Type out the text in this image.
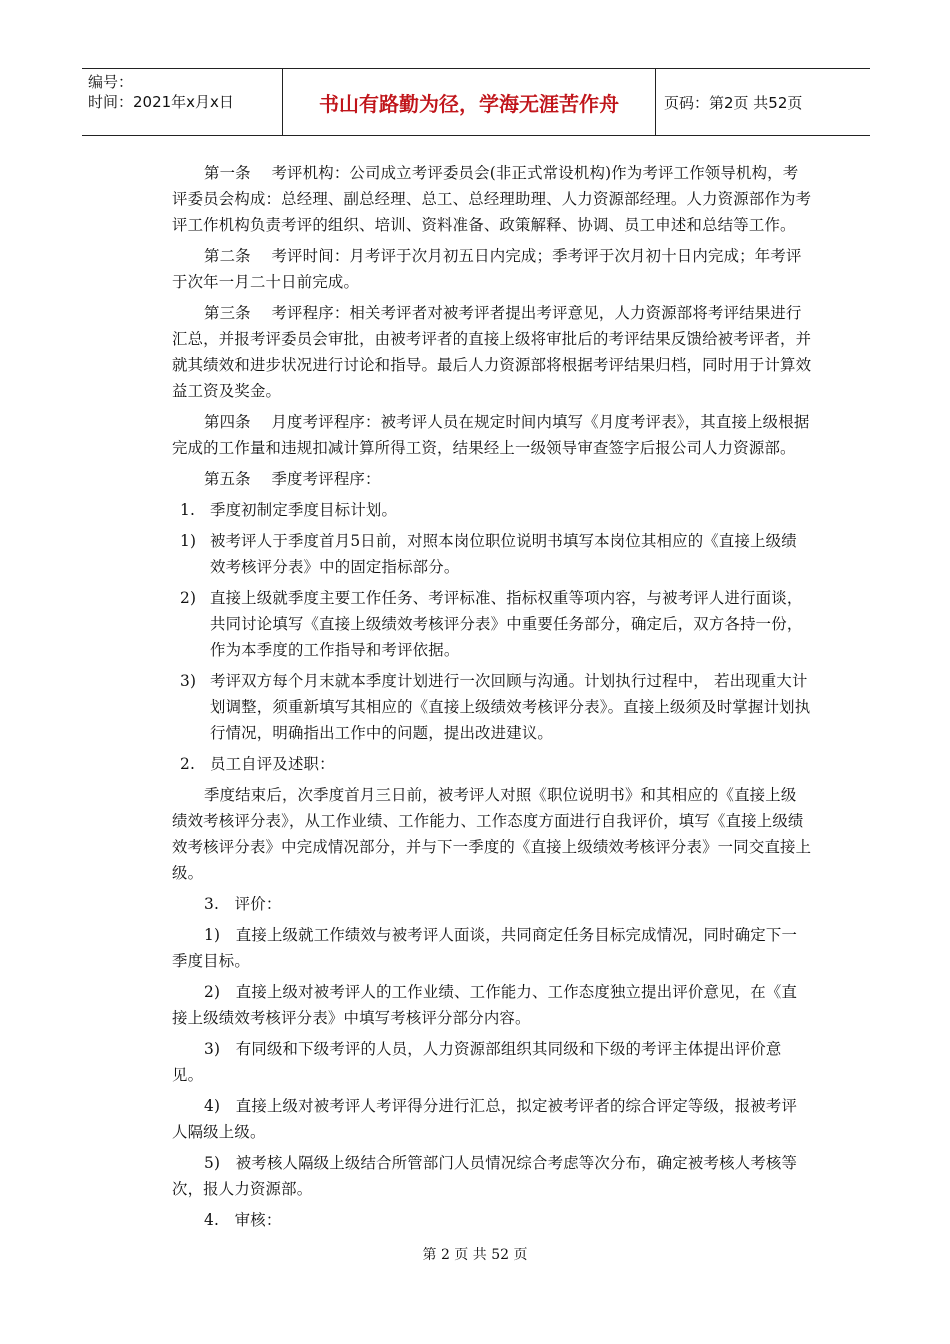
编号：
时间：2021年x月x日	书山有路勤为径，学海无涯苦作舟	页码：第2页 共52页

第一条　 考评机构：公司成立考评委员会(非正式常设机构)作为考评工作领导机构，考评委员会构成：总经理、副总经理、总工、总经理助理、人力资源部经理。人力资源部作为考评工作机构负责考评的组织、培训、资料准备、政策解释、协调、员工申述和总结等工作。

第二条　 考评时间：月考评于次月初五日内完成；季考评于次月初十日内完成；年考评于次年一月二十日前完成。

第三条　 考评程序：相关考评者对被考评者提出考评意见，人力资源部将考评结果进行汇总，并报考评委员会审批，由被考评者的直接上级将审批后的考评结果反馈给被考评者，并就其绩效和进步状况进行讨论和指导。最后人力资源部将根据考评结果归档，同时用于计算效益工资及奖金。

第四条　 月度考评程序：被考评人员在规定时间内填写《月度考评表》，其直接上级根据完成的工作量和违规扣减计算所得工资，结果经上一级领导审查签字后报公司人力资源部。

第五条　 季度考评程序：

1. 季度初制定季度目标计划。

1) 被考评人于季度首月5日前，对照本岗位职位说明书填写本岗位其相应的《直接上级绩效考核评分表》中的固定指标部分。

2) 直接上级就季度主要工作任务、考评标准、指标权重等项内容，与被考评人进行面谈，共同讨论填写《直接上级绩效考核评分表》中重要任务部分，确定后，双方各持一份，作为本季度的工作指导和考评依据。

3) 考评双方每个月末就本季度计划进行一次回顾与沟通。计划执行过程中， 若出现重大计划调整，须重新填写其相应的《直接上级绩效考核评分表》。直接上级须及时掌握计划执行情况，明确指出工作中的问题，提出改进建议。

2. 员工自评及述职：

季度结束后，次季度首月三日前，被考评人对照《职位说明书》和其相应的《直接上级绩效考核评分表》，从工作业绩、工作能力、工作态度方面进行自我评价，填写《直接上级绩效考核评分表》中完成情况部分，并与下一季度的《直接上级绩效考核评分表》一同交直接上级。

3.　评价：

1)　直接上级就工作绩效与被考评人面谈，共同商定任务目标完成情况，同时确定下一季度目标。

2)　直接上级对被考评人的工作业绩、工作能力、工作态度独立提出评价意见，在《直接上级绩效考核评分表》中填写考核评分部分内容。

3)　有同级和下级考评的人员，人力资源部组织其同级和下级的考评主体提出评价意见。

4)　直接上级对被考评人考评得分进行汇总，拟定被考评者的综合评定等级，报被考评人隔级上级。

5)　被考核人隔级上级结合所管部门人员情况综合考虑等次分布，确定被考核人考核等次，报人力资源部。

4.　审核：

第 2 页 共 52 页
